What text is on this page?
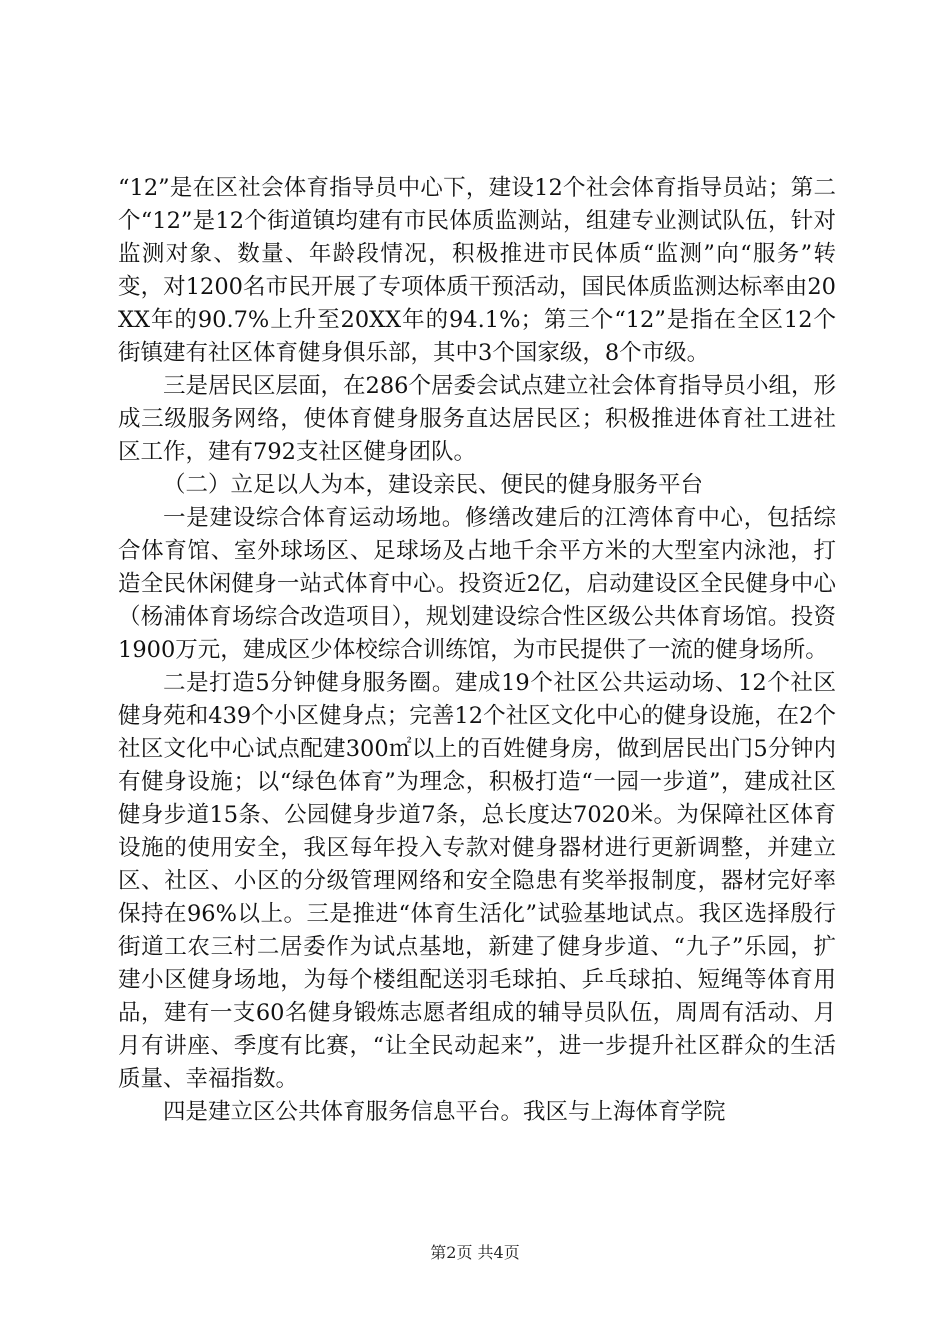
“12”是在区社会体育指导员中心下，建设12个社会体育指导员站；第二个“12”是12个街道镇均建有市民体质监测站，组建专业测试队伍，针对监测对象、数量、年龄段情况，积极推进市民体质“监测”向“服务”转变，对1200名市民开展了专项体质干预活动，国民体质监测达标率由20XX年的90.7%上升至20XX年的94.1%；第三个“12”是指在全区12个街镇建有社区体育健身俱乐部，其中3个国家级，8个市级。

三是居民区层面，在286个居委会试点建立社会体育指导员小组，形成三级服务网络，使体育健身服务直达居民区；积极推进体育社工进社区工作，建有792支社区健身团队。

（二）立足以人为本，建设亲民、便民的健身服务平台

一是建设综合体育运动场地。修缮改建后的江湾体育中心，包括综合体育馆、室外球场区、足球场及占地千余平方米的大型室内泳池，打造全民休闲健身一站式体育中心。投资近2亿，启动建设区全民健身中心（杨浦体育场综合改造项目），规划建设综合性区级公共体育场馆。投资1900万元，建成区少体校综合训练馆，为市民提供了一流的健身场所。

二是打造5分钟健身服务圈。建成19个社区公共运动场、12个社区健身苑和439个小区健身点；完善12个社区文化中心的健身设施，在2个社区文化中心试点配建300㎡以上的百姓健身房，做到居民出门5分钟内有健身设施；以“绿色体育”为理念，积极打造“一园一步道”，建成社区健身步道15条、公园健身步道7条，总长度达7020米。为保障社区体育设施的使用安全，我区每年投入专款对健身器材进行更新调整，并建立区、社区、小区的分级管理网络和安全隐患有奖举报制度，器材完好率保持在96%以上。三是推进“体育生活化”试验基地试点。我区选择殷行街道工农三村二居委作为试点基地，新建了健身步道、“九子”乐园，扩建小区健身场地，为每个楼组配送羽毛球拍、乒乓球拍、短绳等体育用品，建有一支60名健身锻炼志愿者组成的辅导员队伍，周周有活动、月月有讲座、季度有比赛，“让全民动起来”，进一步提升社区群众的生活质量、幸福指数。

四是建立区公共体育服务信息平台。我区与上海体育学院

第2页 共4页
